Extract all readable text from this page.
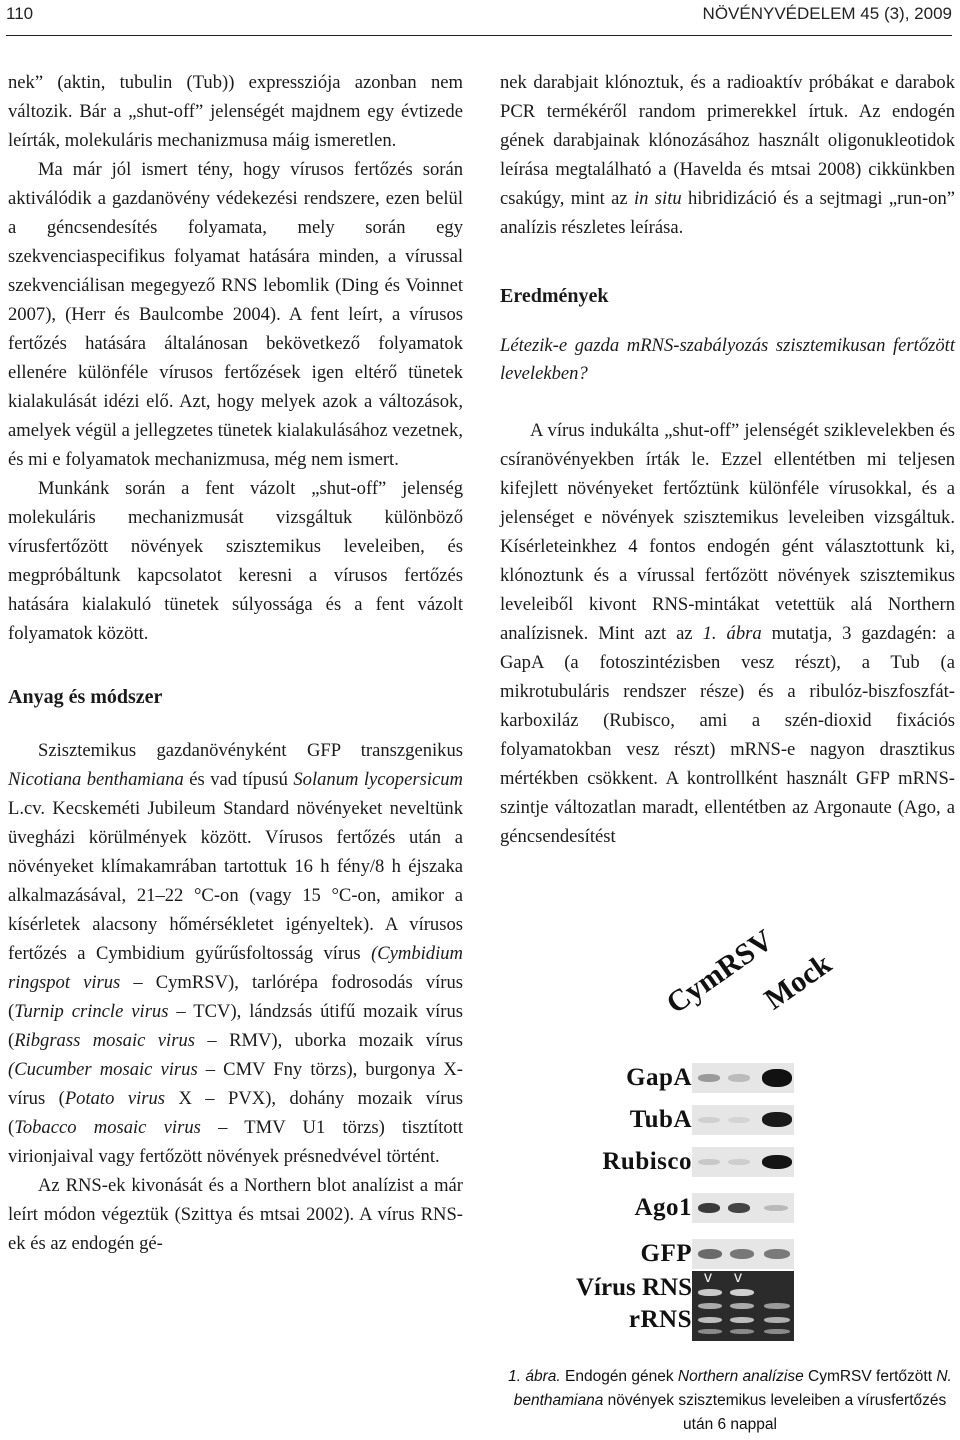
110	NÖVÉNYVÉDELEM 45 (3), 2009

nek” (aktin, tubulin (Tub)) expressziója azonban nem változik. Bár a „shut-off” jelenségét majdnem egy évtizede leírták, molekuláris mechanizmusa máig ismeretlen.

Ma már jól ismert tény, hogy vírusos fertőzés során aktiválódik a gazdanövény védekezési rendszere, ezen belül a géncsendesítés folyamata, mely során egy szekvenciaspecifikus folyamat hatására minden, a vírussal szekvenciálisan megegyező RNS lebomlik (Ding és Voinnet 2007), (Herr és Baulcombe 2004). A fent leírt, a vírusos fertőzés hatására általánosan bekövetkező folyamatok ellenére különféle vírusos fertőzések igen eltérő tünetek kialakulását idézi elő. Azt, hogy melyek azok a változások, amelyek végül a jellegzetes tünetek kialakulásához vezetnek, és mi e folyamatok mechanizmusa, még nem ismert.

Munkánk során a fent vázolt „shut-off” jelenség molekuláris mechanizmusát vizsgáltuk különböző vírusfertőzött növények szisztemikus leveleiben, és megpróbáltunk kapcsolatot keresni a vírusos fertőzés hatására kialakuló tünetek súlyossága és a fent vázolt folyamatok között.

Anyag és módszer

Szisztemikus gazdanövényként GFP transzgenikus Nicotiana benthamiana és vad típusú Solanum lycopersicum L.cv. Kecskeméti Jubileum Standard növényeket neveltünk üvegházi körülmények között. Vírusos fertőzés után a növényeket klímakamrában tartottuk 16 h fény/8 h éjszaka alkalmazásával, 21–22 °C-on (vagy 15 °C-on, amikor a kísérletek alacsony hőmérsékletet igényeltek). A vírusos fertőzés a Cymbidium gyűrűsfoltosság vírus (Cymbidium ringspot virus – CymRSV), tarlórépa fodrosodás vírus (Turnip crincle virus – TCV), lándzsás útifű mozaik vírus (Ribgrass mosaic virus – RMV), uborka mozaik vírus (Cucumber mosaic virus – CMV Fny törzs), burgonya X-vírus (Potato virus X – PVX), dohány mozaik vírus (Tobacco mosaic virus – TMV U1 törzs) tisztított virionjaival vagy fertőzött növények présnedvével történt.

Az RNS-ek kivonását és a Northern blot analízist a már leírt módon végeztük (Szittya és mtsai 2002). A vírus RNS-ek és az endogén gé-

nek darabjait klónoztuk, és a radioaktív próbákat e darabok PCR termékéről random primerekkel írtuk. Az endogén gének darabjainak klónozásához használt oligonukleotidok leírása megtalálható a (Havelda és mtsai 2008) cikkünkben csakúgy, mint az in situ hibridizáció és a sejtmagi „run-on” analízis részletes leírása.

Eredmények

Létezik-e gazda mRNS-szabályozás szisztemikusan fertőzött levelekben?

A vírus indukálta „shut-off” jelenségét sziklevelekben és csíranövényekben írták le. Ezzel ellentétben mi teljesen kifejlett növényeket fertőztünk különféle vírusokkal, és a jelenséget e növények szisztemikus leveleiben vizsgáltuk. Kísérleteinkhez 4 fontos endogén gént választottunk ki, klónoztunk és a vírussal fertőzött növények szisztemikus leveleiből kivont RNS-mintákat vetettük alá Northern analízisnek. Mint azt az 1. ábra mutatja, 3 gazdagén: a GapA (a fotoszintézisben vesz részt), a Tub (a mikrotubuláris rendszer része) és a ribulóz-biszfoszfát-karboxiláz (Rubisco, ami a szén-dioxid fixációs folyamatokban vesz részt) mRNS-e nagyon drasztikus mértékben csökkent. A kontrollként használt GFP mRNS-szintje változatlan maradt, ellentétben az Argonaute (Ago, a géncsendesítést

CymRSV
Mock
GapA
TubA
Rubisco
Ago1
GFP
Vírus RNS
rRNS
v v
1. ábra. Endogén gének Northern analízise CymRSV fertőzött N. benthamiana növények szisztemikus leveleiben a vírusfertőzés után 6 nappal
